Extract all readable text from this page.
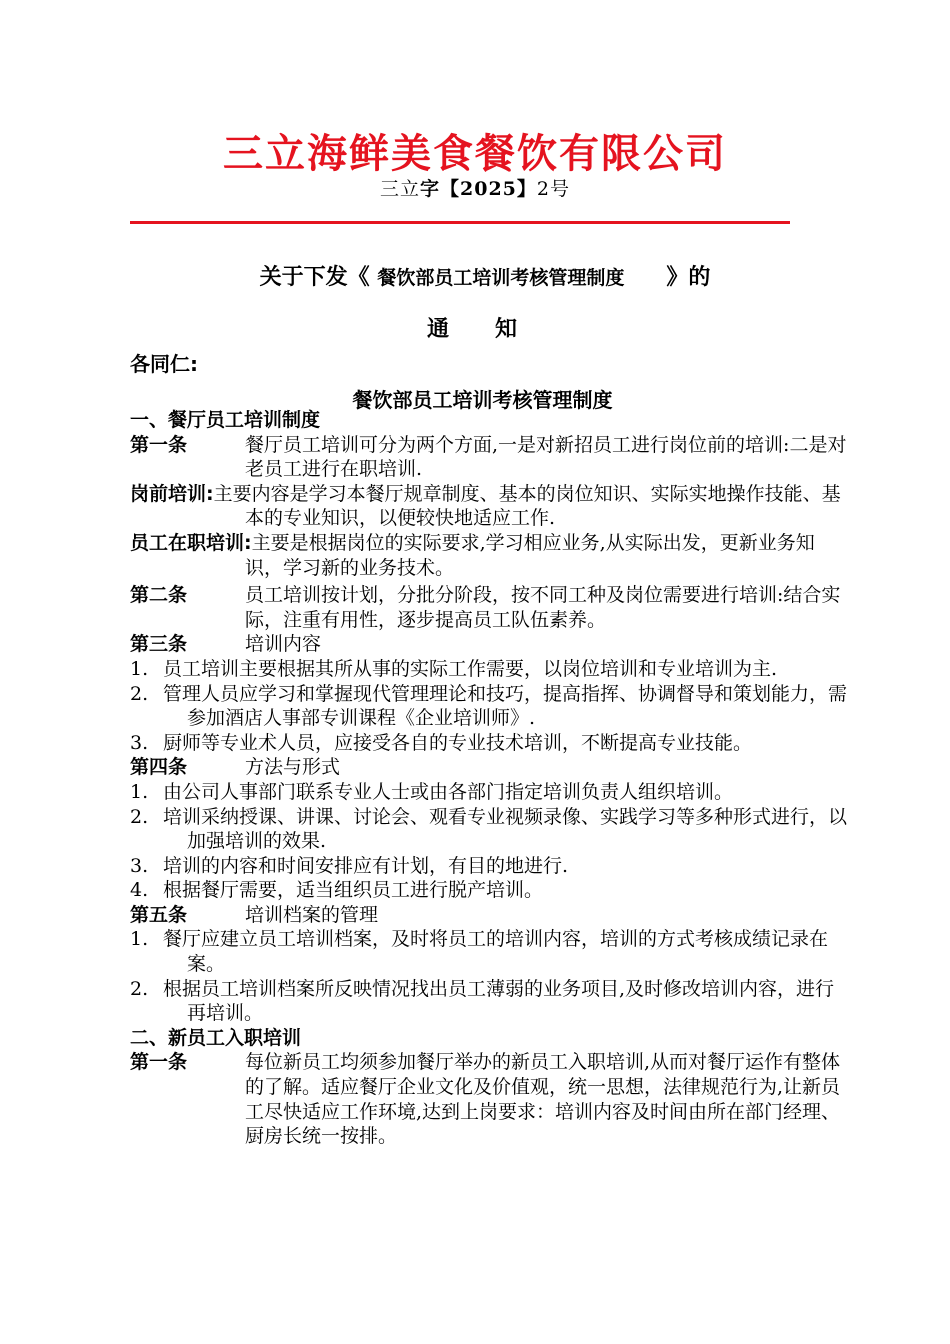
三立海鲜美食餐饮有限公司
三立字【2025】2号
关于下发《 餐饮部员工培训考核管理制度 》的
通知
各同仁:
餐饮部员工培训考核管理制度
一、餐厅员工培训制度
第一条	餐厅员工培训可分为两个方面,一是对新招员工进行岗位前的培训:二是对老员工进行在职培训.
岗前培训:主要内容是学习本餐厅规章制度、基本的岗位知识、实际实地操作技能、基本的专业知识，以便较快地适应工作.
员工在职培训:主要是根据岗位的实际要求,学习相应业务,从实际出发，更新业务知识，学习新的业务技术。
第二条	员工培训按计划，分批分阶段，按不同工种及岗位需要进行培训:结合实际，注重有用性，逐步提高员工队伍素养。
第三条	培训内容
1. 员工培训主要根据其所从事的实际工作需要，以岗位培训和专业培训为主.
2. 管理人员应学习和掌握现代管理理论和技巧，提高指挥、协调督导和策划能力，需参加酒店人事部专训课程《企业培训师》.
3. 厨师等专业术人员，应接受各自的专业技术培训，不断提高专业技能。
第四条	方法与形式
1. 由公司人事部门联系专业人士或由各部门指定培训负责人组织培训。
2. 培训采纳授课、讲课、讨论会、观看专业视频录像、实践学习等多种形式进行，以加强培训的效果.
3. 培训的内容和时间安排应有计划，有目的地进行.
4. 根据餐厅需要，适当组织员工进行脱产培训。
第五条	培训档案的管理
1. 餐厅应建立员工培训档案，及时将员工的培训内容，培训的方式考核成绩记录在案。
2. 根据员工培训档案所反映情况找出员工薄弱的业务项目,及时修改培训内容，进行再培训。
二、新员工入职培训
第一条	每位新员工均须参加餐厅举办的新员工入职培训,从而对餐厅运作有整体的了解。适应餐厅企业文化及价值观，统一思想，法律规范行为,让新员工尽快适应工作环境,达到上岗要求：培训内容及时间由所在部门经理、厨房长统一按排。
